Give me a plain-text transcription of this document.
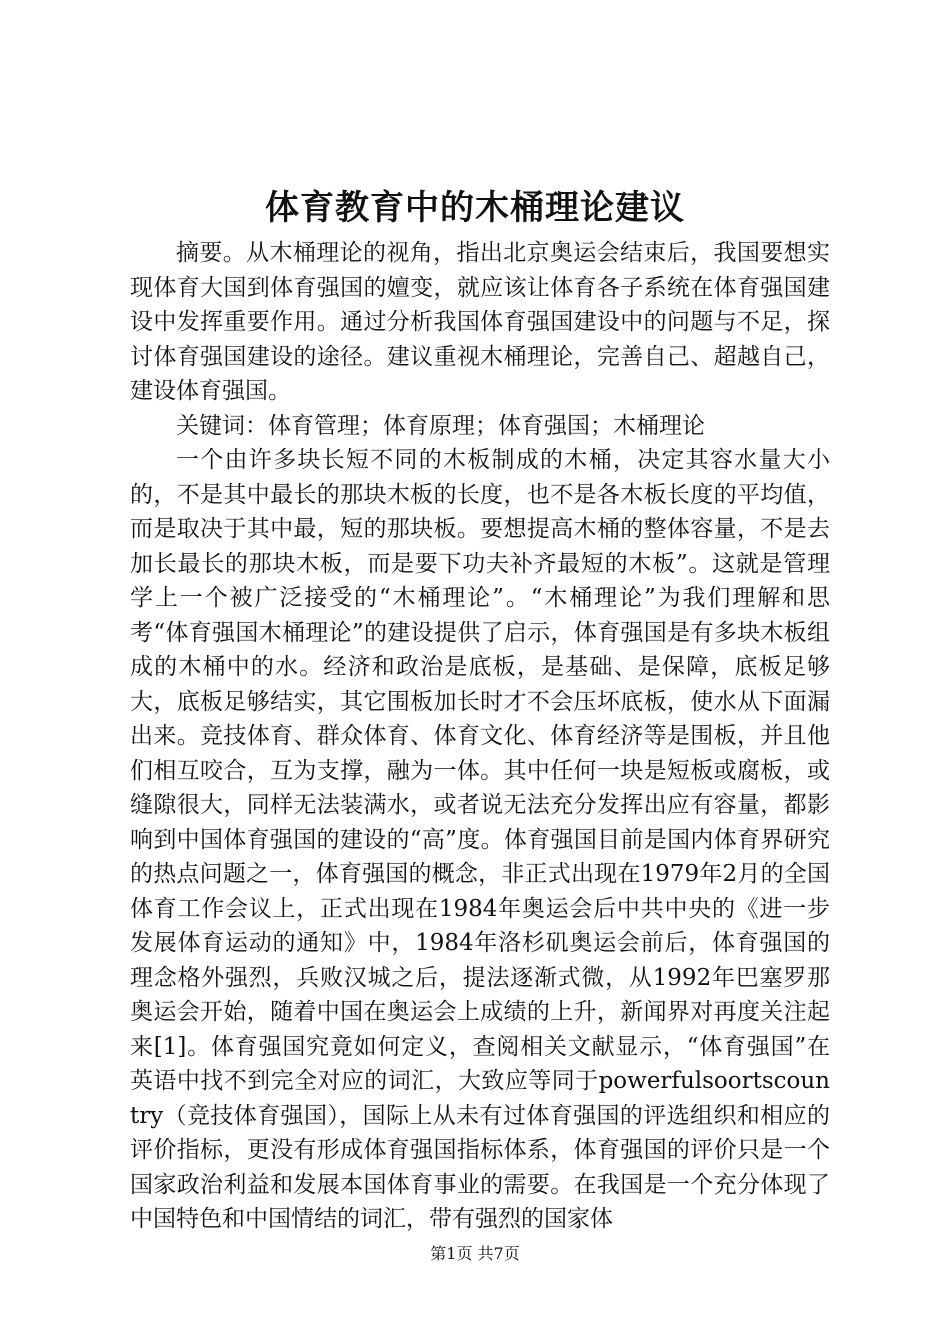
体育教育中的木桶理论建议

摘要。从木桶理论的视角，指出北京奥运会结束后，我国要想实现体育大国到体育强国的嬗变，就应该让体育各子系统在体育强国建设中发挥重要作用。通过分析我国体育强国建设中的问题与不足，探讨体育强国建设的途径。建议重视木桶理论，完善自己、超越自己，建设体育强国。

关键词：体育管理；体育原理；体育强国；木桶理论

一个由许多块长短不同的木板制成的木桶，决定其容水量大小的，不是其中最长的那块木板的长度，也不是各木板长度的平均值，而是取决于其中最，短的那块板。要想提高木桶的整体容量，不是去加长最长的那块木板，而是要下功夫补齐最短的木板”。这就是管理学上一个被广泛接受的“木桶理论”。“木桶理论”为我们理解和思考“体育强国木桶理论”的建设提供了启示，体育强国是有多块木板组成的木桶中的水。经济和政治是底板，是基础、是保障，底板足够大，底板足够结实，其它围板加长时才不会压坏底板，使水从下面漏出来。竞技体育、群众体育、体育文化、体育经济等是围板，并且他们相互咬合，互为支撑，融为一体。其中任何一块是短板或腐板，或缝隙很大，同样无法装满水，或者说无法充分发挥出应有容量，都影响到中国体育强国的建设的“高”度。体育强国目前是国内体育界研究的热点问题之一，体育强国的概念，非正式出现在1979年2月的全国体育工作会议上，正式出现在1984年奥运会后中共中央的《进一步发展体育运动的通知》中，1984年洛杉矶奥运会前后，体育强国的理念格外强烈，兵败汉城之后，提法逐渐式微，从1992年巴塞罗那奥运会开始，随着中国在奥运会上成绩的上升，新闻界对再度关注起来[1]。体育强国究竟如何定义，查阅相关文献显示，“体育强国”在英语中找不到完全对应的词汇，大致应等同于powerfulsoortscountry（竞技体育强国），国际上从未有过体育强国的评选组织和相应的评价指标，更没有形成体育强国指标体系，体育强国的评价只是一个国家政治利益和发展本国体育事业的需要。在我国是一个充分体现了中国特色和中国情结的词汇，带有强烈的国家体

第1页 共7页
